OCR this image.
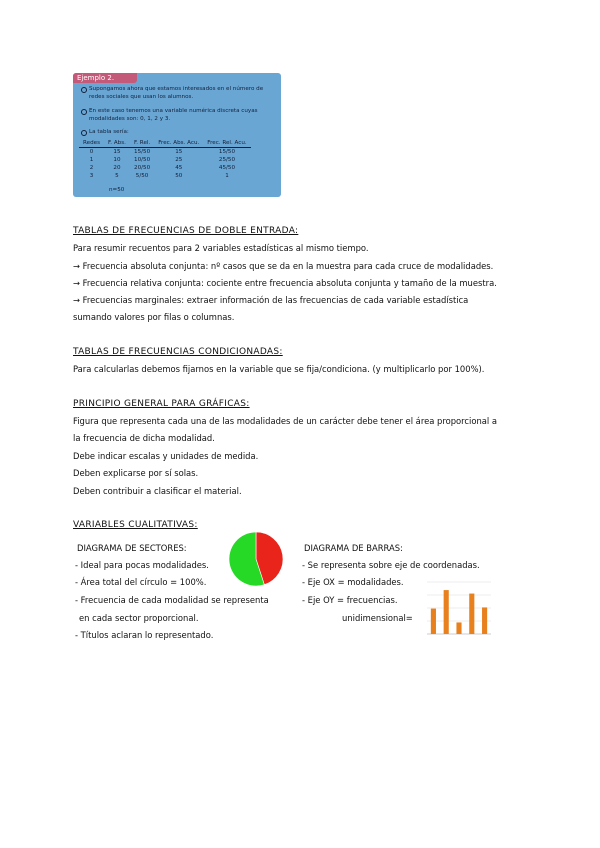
Ejemplo 2.
Supongamos ahora que estamos interesados en el número de redes sociales que usan los alumnos.
En este caso tenemos una variable numérica discreta cuyas modalidades son: 0, 1, 2 y 3.
La tabla sería:
Redes	F. Abs.	F. Rel.	Frec. Abs. Acu.	Frec. Rel. Acu.
0	15	15/50	15	15/50
1	10	10/50	25	25/50
2	20	20/50	45	45/50
3	5	5/50	50	1
n=50
TABLAS DE FRECUENCIAS DE DOBLE ENTRADA:
Para resumir recuentos para 2 variables estadísticas al mismo tiempo.
→ Frecuencia absoluta conjunta: nº casos que se da en la muestra para cada cruce de modalidades.
→ Frecuencia relativa conjunta: cociente entre frecuencia absoluta conjunta y tamaño de la muestra.
→ Frecuencias marginales: extraer información de las frecuencias de cada variable estadística
sumando valores por filas o columnas.
TABLAS DE FRECUENCIAS CONDICIONADAS:
Para calcularlas debemos fijarnos en la variable que se fija/condiciona. (y multiplicarlo por 100%).
PRINCIPIO GENERAL PARA GRÁFICAS:
Figura que representa cada una de las modalidades de un carácter debe tener el área proporcional a
la frecuencia de dicha modalidad.
Debe indicar escalas y unidades de medida.
Deben explicarse por sí solas.
Deben contribuir a clasificar el material.
VARIABLES CUALITATIVAS:
DIAGRAMA DE SECTORES:
- Ideal para pocas modalidades.
- Área total del círculo = 100%.
- Frecuencia de cada modalidad se representa
en cada sector proporcional.
- Títulos aclaran lo representado.
DIAGRAMA DE BARRAS:
- Se representa sobre eje de coordenadas.
- Eje OX = modalidades.
- Eje OY = frecuencias.
unidimensional=
